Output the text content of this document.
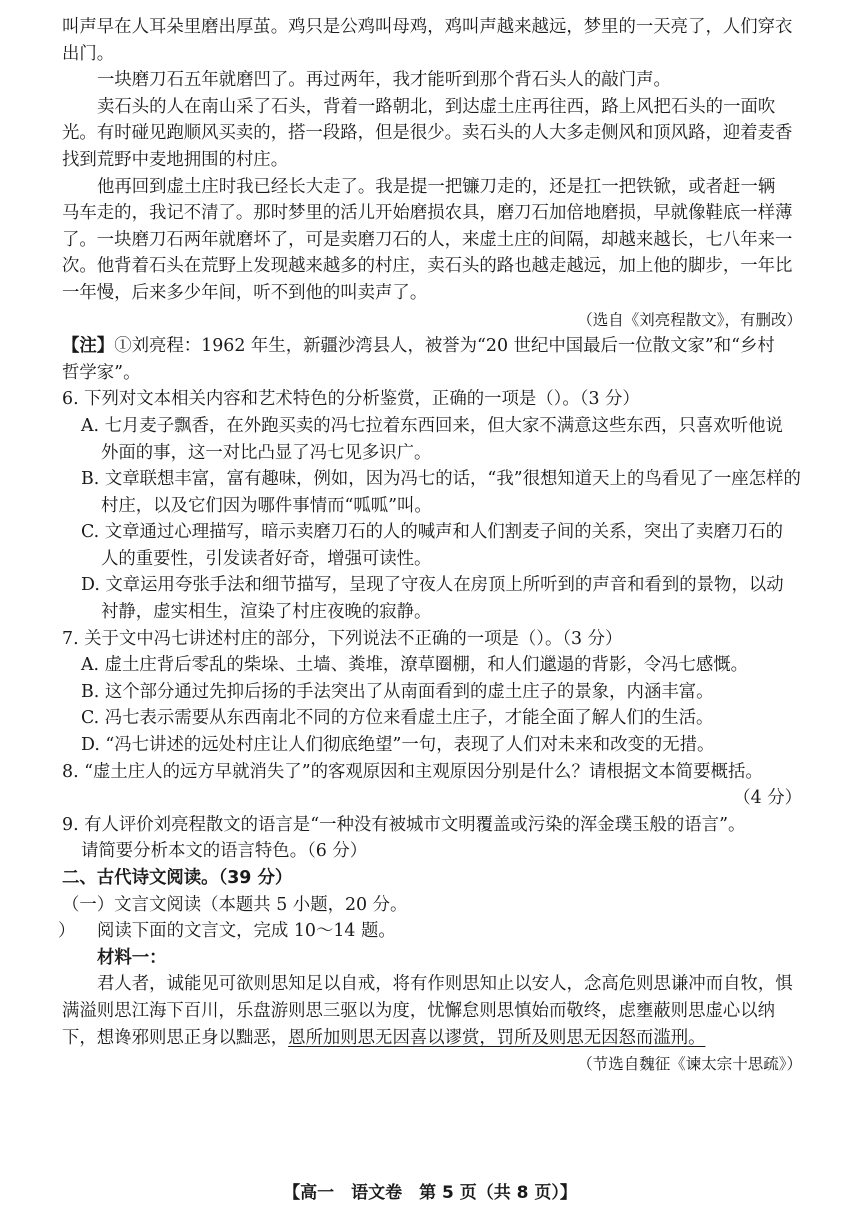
叫声早在人耳朵里磨出厚茧。鸡只是公鸡叫母鸡，鸡叫声越来越远，梦里的一天亮了，人们穿衣

出门。

一块磨刀石五年就磨凹了。再过两年，我才能听到那个背石头人的敲门声。

卖石头的人在南山采了石头，背着一路朝北，到达虚土庄再往西，路上风把石头的一面吹

光。有时碰见跑顺风买卖的，搭一段路，但是很少。卖石头的人大多走侧风和顶风路，迎着麦香

找到荒野中麦地拥围的村庄。

他再回到虚土庄时我已经长大走了。我是提一把镰刀走的，还是扛一把铁锨，或者赶一辆

马车走的，我记不清了。那时梦里的活儿开始磨损农具，磨刀石加倍地磨损，早就像鞋底一样薄

了。一块磨刀石两年就磨坏了，可是卖磨刀石的人，来虚土庄的间隔，却越来越长，七八年来一

次。他背着石头在荒野上发现越来越多的村庄，卖石头的路也越走越远，加上他的脚步，一年比

一年慢，后来多少年间，听不到他的叫卖声了。

（选自《刘亮程散文》，有删改）

【注】①刘亮程：1962 年生，新疆沙湾县人，被誉为“20 世纪中国最后一位散文家”和“乡村

哲学家”。

6. 下列对文本相关内容和艺术特色的分析鉴赏，正确的一项是（）。（3 分）

A. 七月麦子飘香，在外跑买卖的冯七拉着东西回来，但大家不满意这些东西，只喜欢听他说

外面的事，这一对比凸显了冯七见多识广。

B. 文章联想丰富，富有趣味，例如，因为冯七的话，“我”很想知道天上的鸟看见了一座怎样的

村庄，以及它们因为哪件事情而“呱呱”叫。

C. 文章通过心理描写，暗示卖磨刀石的人的喊声和人们割麦子间的关系，突出了卖磨刀石的

人的重要性，引发读者好奇，增强可读性。

D. 文章运用夸张手法和细节描写，呈现了守夜人在房顶上所听到的声音和看到的景物，以动

衬静，虚实相生，渲染了村庄夜晚的寂静。

7. 关于文中冯七讲述村庄的部分，下列说法不正确的一项是（）。（3 分）

A. 虚土庄背后零乱的柴垛、土墙、粪堆，潦草圈棚，和人们邋遢的背影，令冯七感慨。

B. 这个部分通过先抑后扬的手法突出了从南面看到的虚土庄子的景象，内涵丰富。

C. 冯七表示需要从东西南北不同的方位来看虚土庄子，才能全面了解人们的生活。

D. “冯七讲述的远处村庄让人们彻底绝望”一句，表现了人们对未来和改变的无措。

8. “虚土庄人的远方早就消失了”的客观原因和主观原因分别是什么？请根据文本简要概括。

（4 分）

9. 有人评价刘亮程散文的语言是“一种没有被城市文明覆盖或污染的浑金璞玉般的语言”。

请简要分析本文的语言特色。（6 分）

二、古代诗文阅读。（39 分）

（一）文言文阅读（本题共 5 小题，20 分。

） 阅读下面的文言文，完成 10～14 题。

材料一：

君人者，诚能见可欲则思知足以自戒，将有作则思知止以安人，念高危则思谦冲而自牧，惧

满溢则思江海下百川，乐盘游则思三驱以为度，忧懈怠则思慎始而敬终，虑壅蔽则思虚心以纳

下，想谗邪则思正身以黜恶，恩所加则思无因喜以谬赏，罚所及则思无因怒而滥刑。

（节选自魏征《谏太宗十思疏》）

【高一　语文卷　第 5 页（共 8 页）】
